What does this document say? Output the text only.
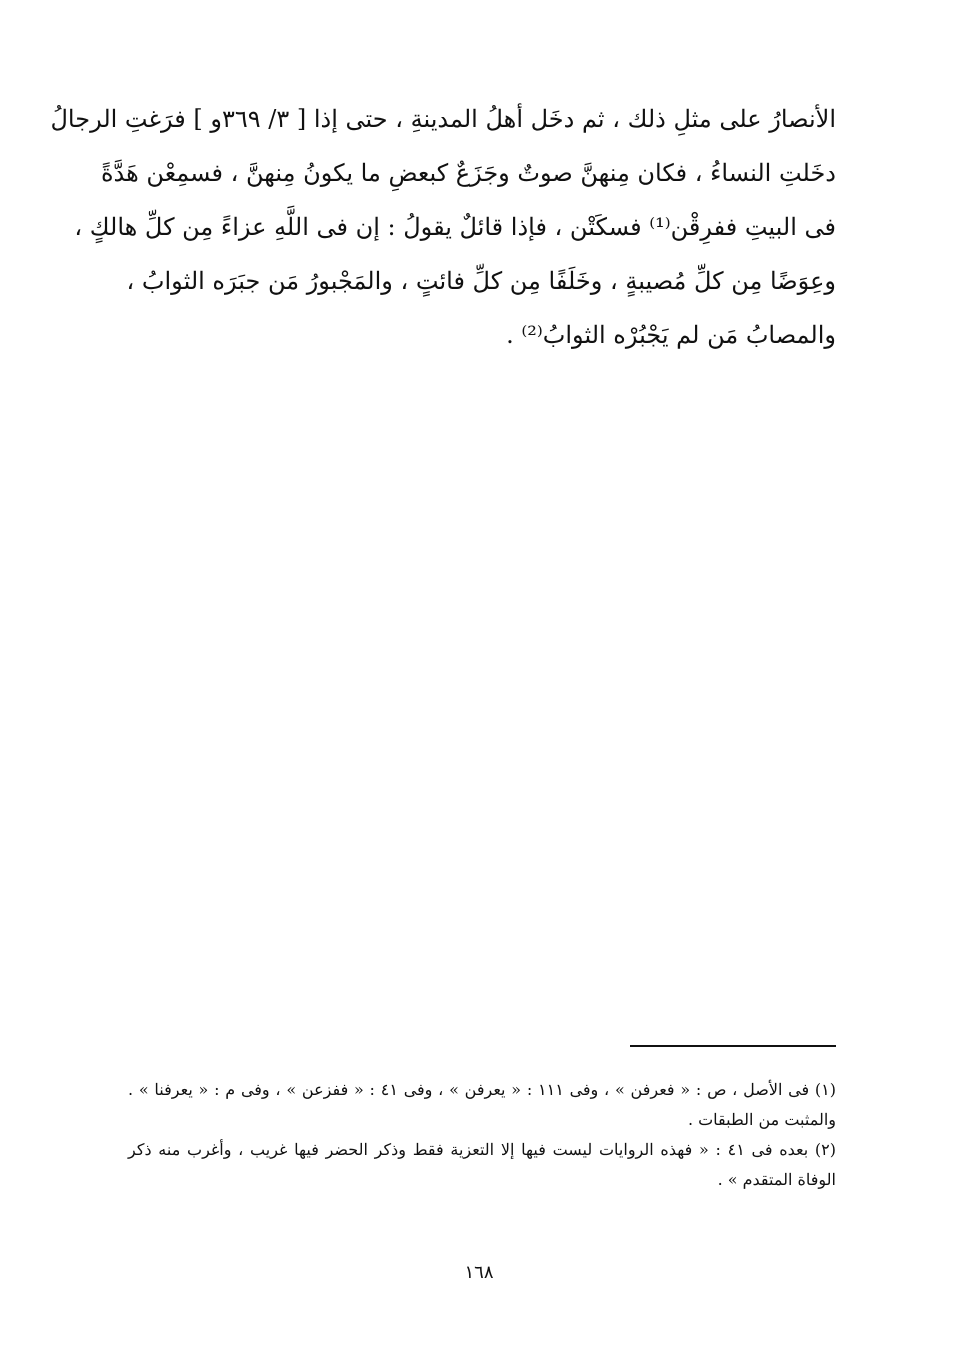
الأنصارُ على مثلِ ذلك ، ثم دخَل أهلُ المدينةِ ، حتى إذا [ ٣/ ٣٦٩و ] فرَغتِ الرجالُ
دخَلتِ النساءُ ، فكان مِنهنَّ صوتٌ وجَزَعٌ كبعضِ ما يكونُ مِنهنَّ ، فسمِعْن هَدَّةً
فى البيتِ ففرِقْن⁽¹⁾ فسكَتْن ، فإذا قائلٌ يقولُ : إن فى اللَّهِ عزاءً مِن كلِّ هالكٍ ،
وعِوَضًا مِن كلِّ مُصيبةٍ ، وخَلَفًا مِن كلِّ فائتٍ ، والمَجْبورُ مَن جبَرَه الثوابُ ،
والمصابُ مَن لم يَجْبُرْه الثوابُ⁽²⁾ .
(١) فى الأصل ، ص : « فعرفن » ، وفى ١١١ : « يعرفن » ، وفى ٤١ : « ففزعن » ، وفى م : « يعرفنا » .
والمثبت من الطبقات .
(٢) بعده فى ٤١ : « فهذه الروايات ليست فيها إلا التعزية فقط وذكر الحضر فيها غريب ، وأغرب منه ذكر
الوفاة المتقدم » .
١٦٨
